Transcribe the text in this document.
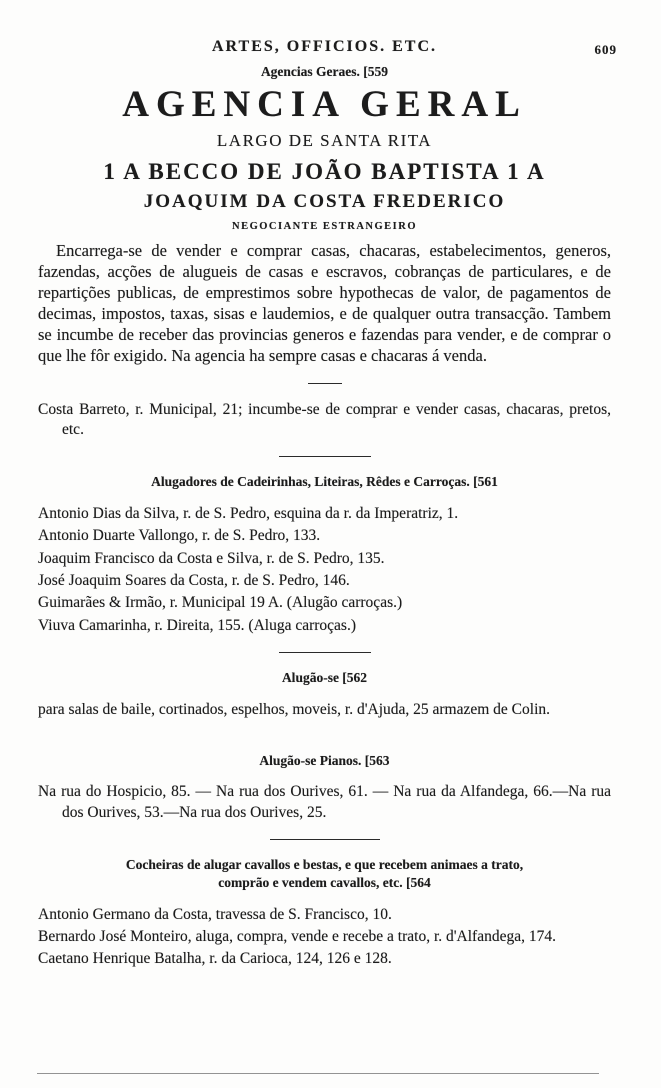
ARTES, OFFICIOS. ETC.	609
Agencias Geraes. [559
AGENCIA GERAL
LARGO DE SANTA RITA
1 A BECCO DE JOÃO BAPTISTA 1 A
JOAQUIM DA COSTA FREDERICO
NEGOCIANTE ESTRANGEIRO

Encarrega-se de vender e comprar casas, chacaras, estabelecimentos, generos, fazendas, acções de alugueis de casas e escravos, cobranças de particulares, e de repartições publicas, de emprestimos sobre hypothecas de valor, de pagamentos de decimas, impostos, taxas, sisas e laudemios, e de qualquer outra transacção. Tambem se incumbe de receber das provincias generos e fazendas para vender, e de comprar o que lhe fôr exigido. Na agencia ha sempre casas e chacaras á venda.

Costa Barreto, r. Municipal, 21; incumbe-se de comprar e vender casas, chacaras, pretos, etc.
Alugadores de Cadeirinhas, Liteiras, Rêdes e Carroças. [561
Antonio Dias da Silva, r. de S. Pedro, esquina da r. da Imperatriz, 1.
Antonio Duarte Vallongo, r. de S. Pedro, 133.
Joaquim Francisco da Costa e Silva, r. de S. Pedro, 135.
José Joaquim Soares da Costa, r. de S. Pedro, 146.
Guimarães & Irmão, r. Municipal 19 A. (Alugão carroças.)
Viuva Camarinha, r. Direita, 155. (Aluga carroças.)
Alugão-se [562
para salas de baile, cortinados, espelhos, moveis, r. d'Ajuda, 25 armazem de Colin.
Alugão-se Pianos. [563
Na rua do Hospicio, 85. — Na rua dos Ourives, 61. — Na rua da Alfandega, 66.—Na rua dos Ourives, 53.—Na rua dos Ourives, 25.
Cocheiras de alugar cavallos e bestas, e que recebem animaes a trato,
comprão e vendem cavallos, etc. [564
Antonio Germano da Costa, travessa de S. Francisco, 10.
Bernardo José Monteiro, aluga, compra, vende e recebe a trato, r. d'Alfandega, 174.
Caetano Henrique Batalha, r. da Carioca, 124, 126 e 128.
